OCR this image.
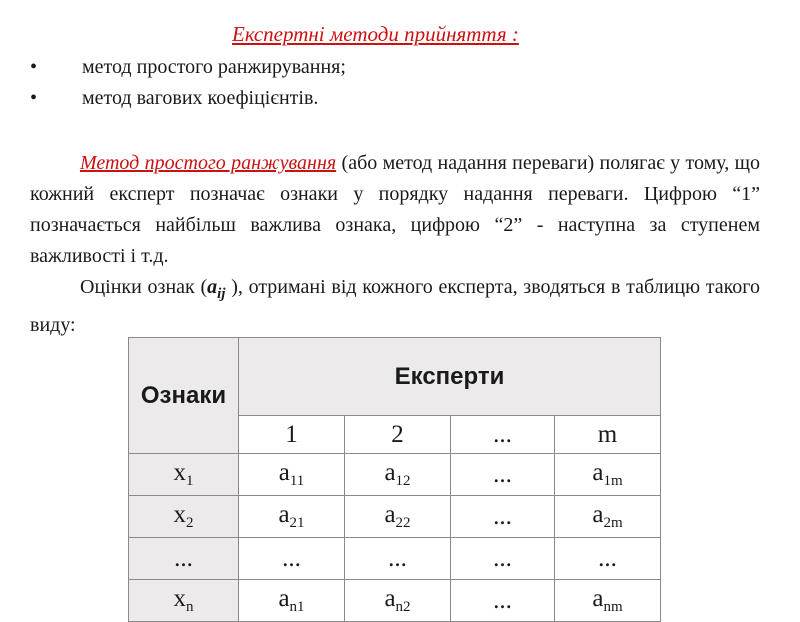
Експертні методи прийняття :
• метод простого ранжирування;
• метод вагових коефіцієнтів.
Метод простого ранжування (або метод надання переваги) полягає у тому, що кожний експерт позначає ознаки у порядку надання переваги. Цифрою “1” позначається найбільш важлива ознака, цифрою “2” - наступна за ступенем важливості і т.д.
Оцінки ознак ($a_{ij}$ ), отримані від кожного експерта, зводяться в таблицю такого виду:
Ознаки	Експерти			
	1	2	...	m
$x_1$	$a_{11}$	$a_{12}$	...	$a_{1m}$
$x_2$	$a_{21}$	$a_{22}$	...	$a_{2m}$
...	...	...	...	...
$x_n$	$a_{n1}$	$a_{n2}$	...	$a_{nm}$
